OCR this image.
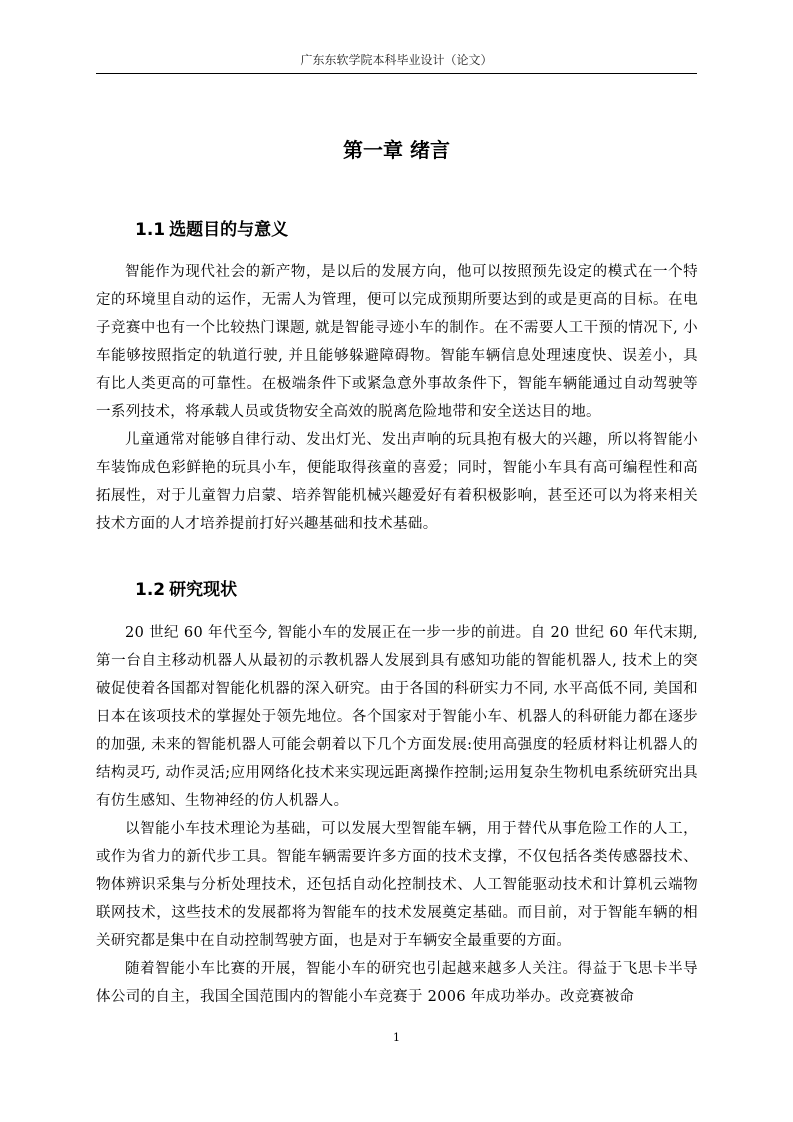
广东东软学院本科毕业设计（论文）
第一章 绪言
1.1 选题目的与意义

智能作为现代社会的新产物，是以后的发展方向，他可以按照预先设定的模式在一个特定的环境里自动的运作，无需人为管理，便可以完成预期所要达到的或是更高的目标。在电子竞赛中也有一个比较热门课题, 就是智能寻迹小车的制作。在不需要人工干预的情况下, 小车能够按照指定的轨道行驶, 并且能够躲避障碍物。智能车辆信息处理速度快、误差小，具有比人类更高的可靠性。在极端条件下或紧急意外事故条件下，智能车辆能通过自动驾驶等一系列技术，将承载人员或货物安全高效的脱离危险地带和安全送达目的地。

儿童通常对能够自律行动、发出灯光、发出声响的玩具抱有极大的兴趣，所以将智能小车装饰成色彩鲜艳的玩具小车，便能取得孩童的喜爱；同时，智能小车具有高可编程性和高拓展性，对于儿童智力启蒙、培养智能机械兴趣爱好有着积极影响，甚至还可以为将来相关技术方面的人才培养提前打好兴趣基础和技术基础。

1.2 研究现状

20 世纪 60 年代至今, 智能小车的发展正在一步一步的前进。自 20 世纪 60 年代末期, 第一台自主移动机器人从最初的示教机器人发展到具有感知功能的智能机器人, 技术上的突破促使着各国都对智能化机器的深入研究。由于各国的科研实力不同, 水平高低不同, 美国和日本在该项技术的掌握处于领先地位。各个国家对于智能小车、机器人的科研能力都在逐步的加强, 未来的智能机器人可能会朝着以下几个方面发展:使用高强度的轻质材料让机器人的结构灵巧, 动作灵活;应用网络化技术来实现远距离操作控制;运用复杂生物机电系统研究出具有仿生感知、生物神经的仿人机器人。

以智能小车技术理论为基础，可以发展大型智能车辆，用于替代从事危险工作的人工，或作为省力的新代步工具。智能车辆需要许多方面的技术支撑，不仅包括各类传感器技术、物体辨识采集与分析处理技术，还包括自动化控制技术、人工智能驱动技术和计算机云端物联网技术，这些技术的发展都将为智能车的技术发展奠定基础。而目前，对于智能车辆的相关研究都是集中在自动控制驾驶方面，也是对于车辆安全最重要的方面。

随着智能小车比赛的开展，智能小车的研究也引起越来越多人关注。得益于飞思卡半导体公司的自主，我国全国范围内的智能小车竞赛于 2006 年成功举办。改竞赛被命

1
